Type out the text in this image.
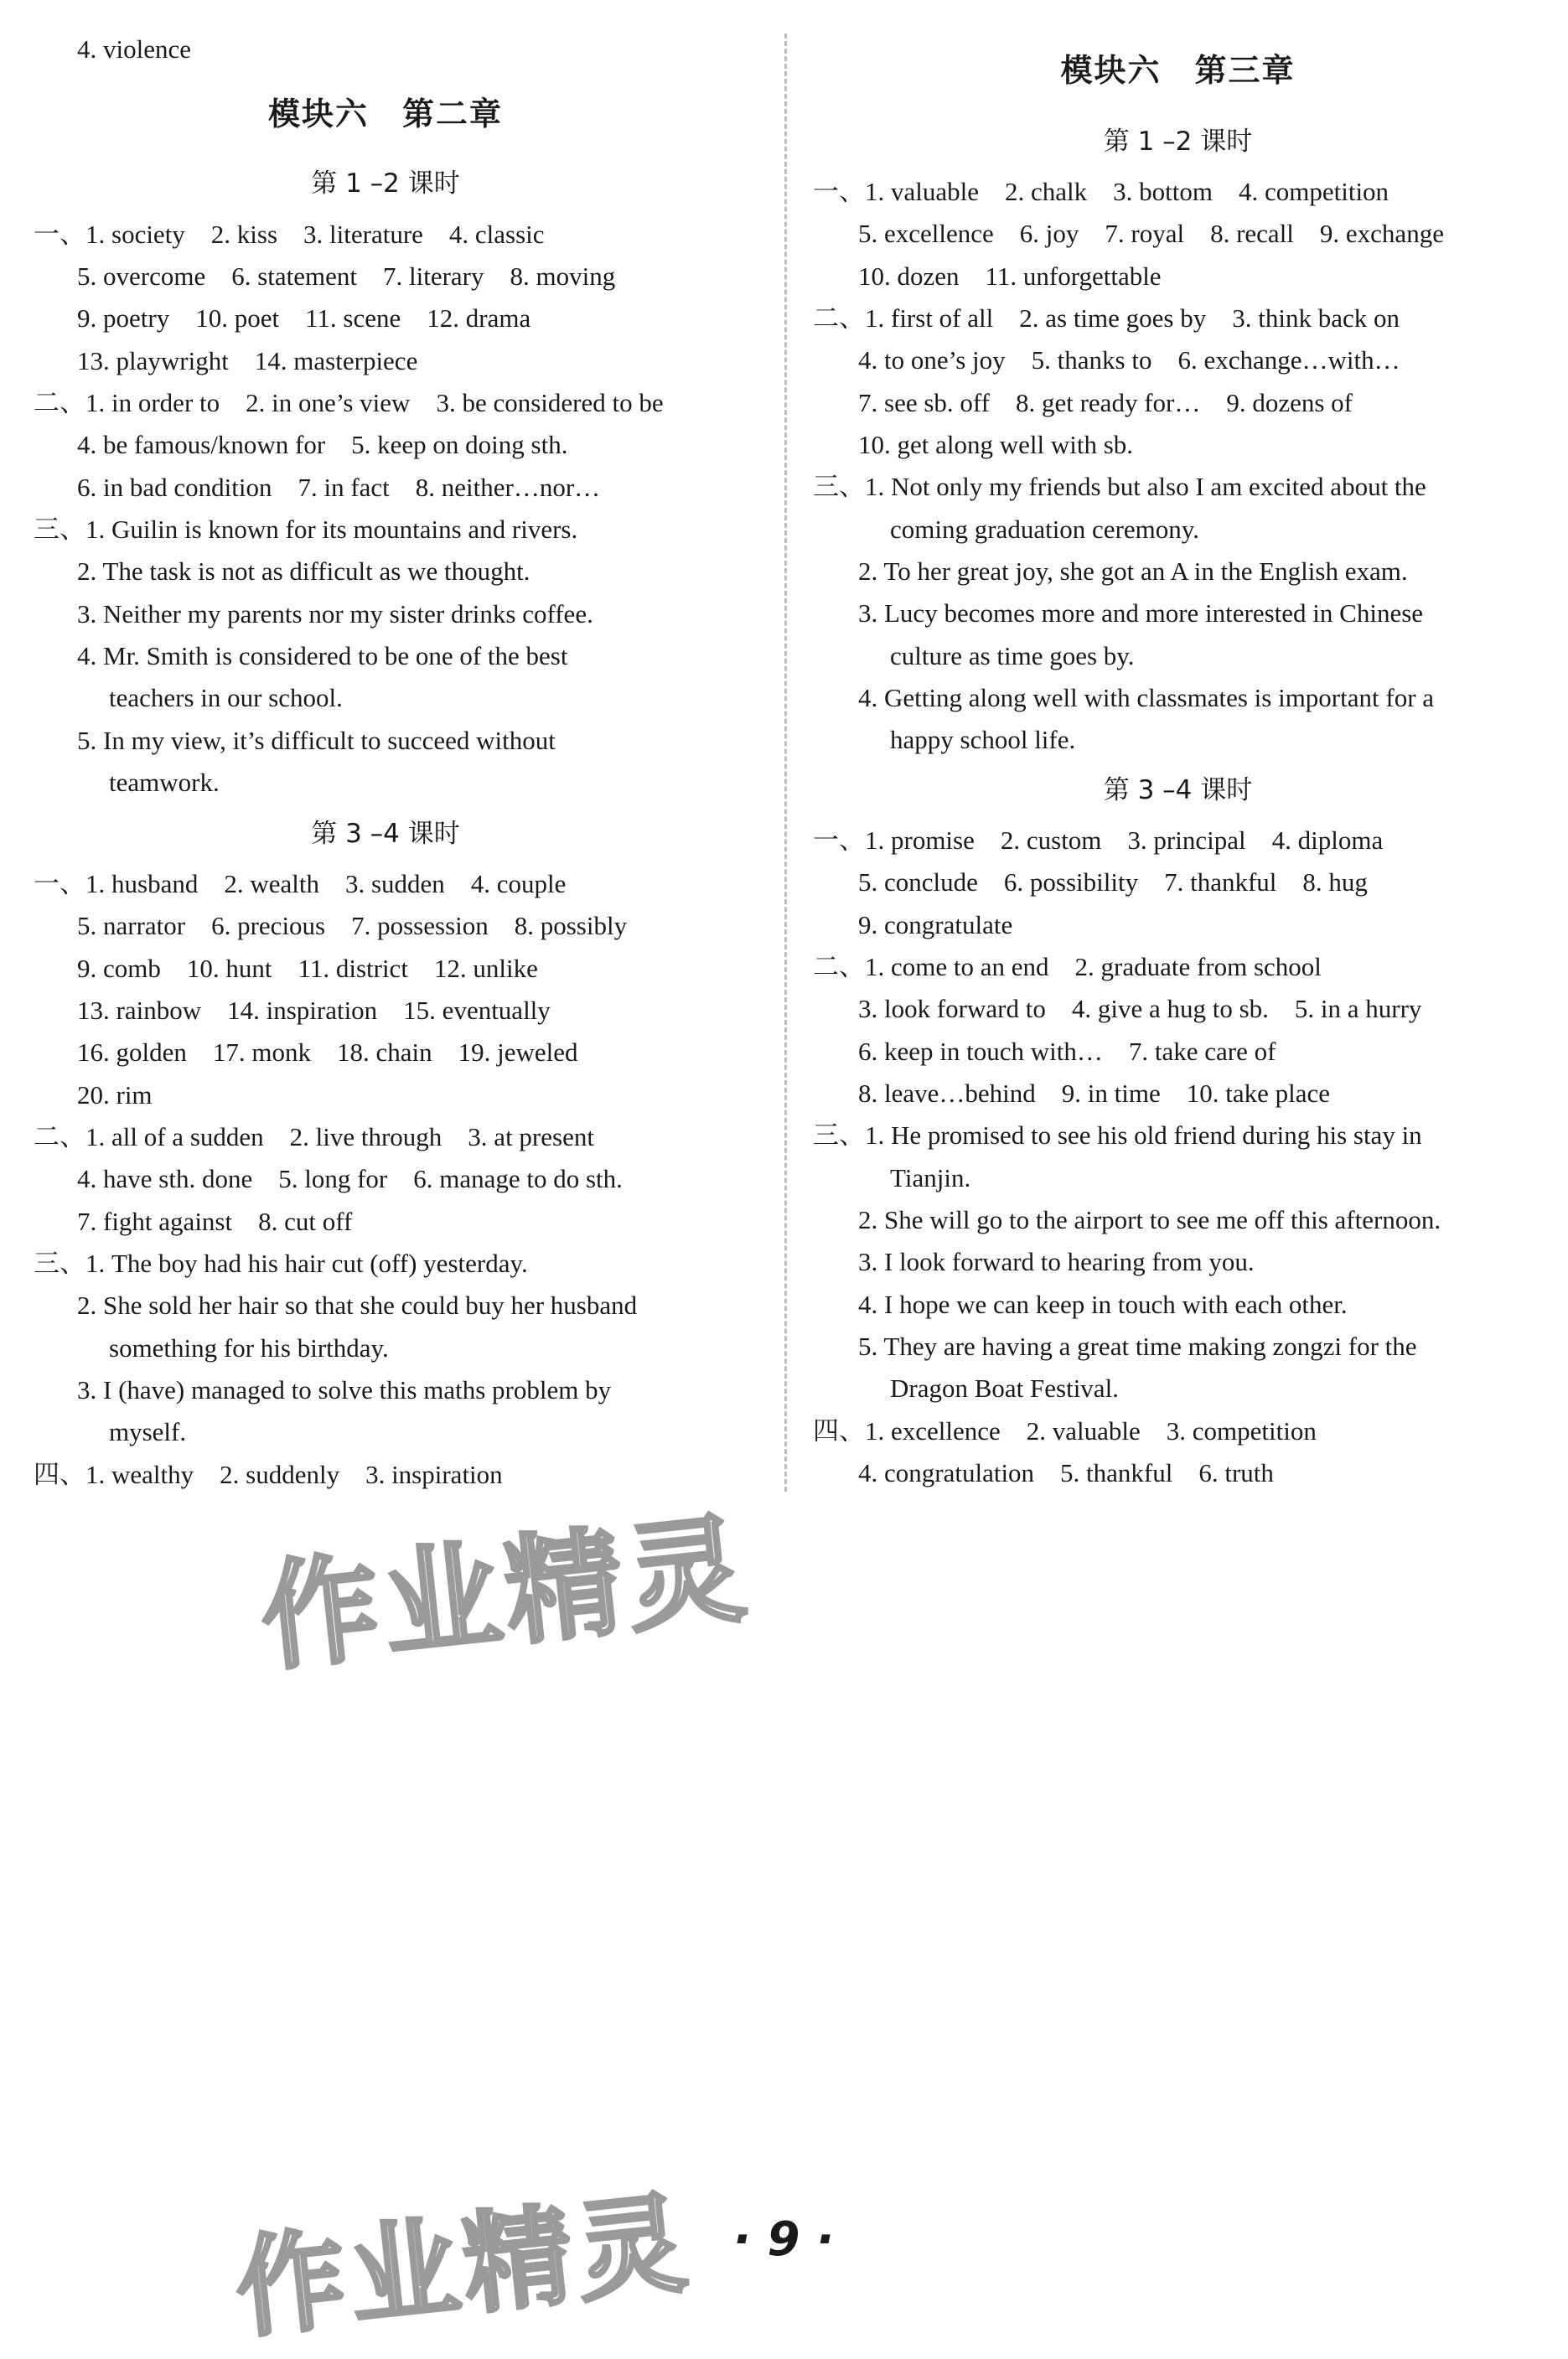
4. violence
模块六　第二章
第 1 –2 课时
一、1. society　2. kiss　3. literature　4. classic
5. overcome　6. statement　7. literary　8. moving
9. poetry　10. poet　11. scene　12. drama
13. playwright　14. masterpiece
二、1. in order to　2. in one’s view　3. be considered to be
4. be famous/known for　5. keep on doing sth.
6. in bad condition　7. in fact　8. neither…nor…
三、1. Guilin is known for its mountains and rivers.
2. The task is not as difficult as we thought.
3. Neither my parents nor my sister drinks coffee.
4. Mr. Smith is considered to be one of the best
teachers in our school.
5. In my view, it’s difficult to succeed without
teamwork.
第 3 –4 课时
一、1. husband　2. wealth　3. sudden　4. couple
5. narrator　6. precious　7. possession　8. possibly
9. comb　10. hunt　11. district　12. unlike
13. rainbow　14. inspiration　15. eventually
16. golden　17. monk　18. chain　19. jeweled
20. rim
二、1. all of a sudden　2. live through　3. at present
4. have sth. done　5. long for　6. manage to do sth.
7. fight against　8. cut off
三、1. The boy had his hair cut (off) yesterday.
2. She sold her hair so that she could buy her husband
something for his birthday.
3. I (have) managed to solve this maths problem by
myself.
四、1. wealthy　2. suddenly　3. inspiration
模块六　第三章
第 1 –2 课时
一、1. valuable　2. chalk　3. bottom　4. competition
5. excellence　6. joy　7. royal　8. recall　9. exchange
10. dozen　11. unforgettable
二、1. first of all　2. as time goes by　3. think back on
4. to one’s joy　5. thanks to　6. exchange…with…
7. see sb. off　8. get ready for…　9. dozens of
10. get along well with sb.
三、1. Not only my friends but also I am excited about the
coming graduation ceremony.
2. To her great joy, she got an A in the English exam.
3. Lucy becomes more and more interested in Chinese
culture as time goes by.
4. Getting along well with classmates is important for a
happy school life.
第 3 –4 课时
一、1. promise　2. custom　3. principal　4. diploma
5. conclude　6. possibility　7. thankful　8. hug
9. congratulate
二、1. come to an end　2. graduate from school
3. look forward to　4. give a hug to sb.　5. in a hurry
6. keep in touch with…　7. take care of
8. leave…behind　9. in time　10. take place
三、1. He promised to see his old friend during his stay in
Tianjin.
2. She will go to the airport to see me off this afternoon.
3. I look forward to hearing from you.
4. I hope we can keep in touch with each other.
5. They are having a great time making zongzi for the
Dragon Boat Festival.
四、1. excellence　2. valuable　3. competition
4. congratulation　5. thankful　6. truth
作业精灵
作业精灵 · 9 ·
